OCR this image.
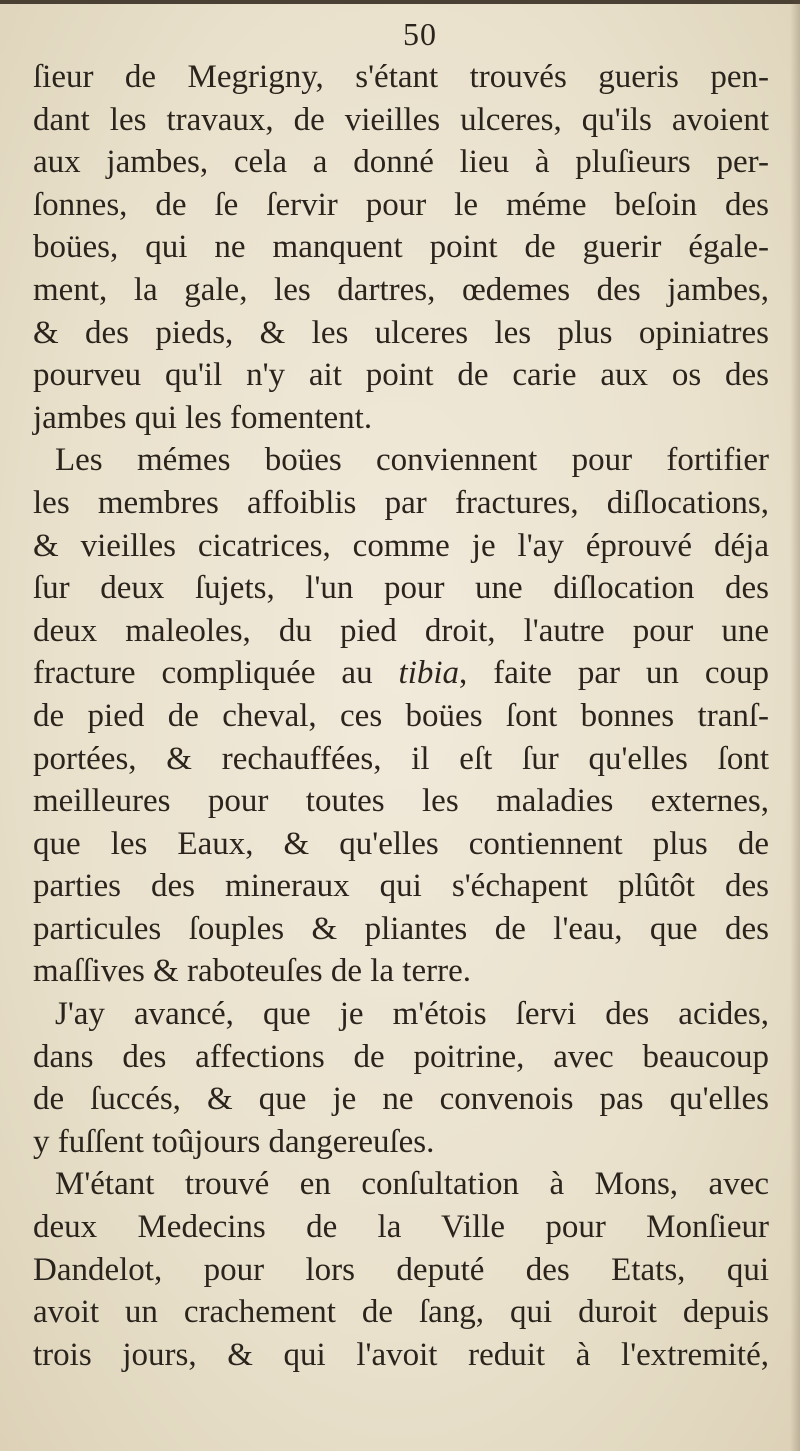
50
ſieur de Megrigny, s'étant trouvés gueris pen-
dant les travaux, de vieilles ulceres, qu'ils avoient
aux jambes, cela a donné lieu à pluſieurs per-
ſonnes, de ſe ſervir pour le méme beſoin des
boües, qui ne manquent point de guerir égale-
ment, la gale, les dartres, œdemes des jambes,
& des pieds, & les ulceres les plus opiniatres
pourveu qu'il n'y ait point de carie aux os des
jambes qui les fomentent.
Les mémes boües conviennent pour fortifier
les membres affoiblis par fractures, diſlocations,
& vieilles cicatrices, comme je l'ay éprouvé déja
ſur deux ſujets, l'un pour une diſlocation des
deux maleoles, du pied droit, l'autre pour une
fracture compliquée au tibia, faite par un coup
de pied de cheval, ces boües ſont bonnes tranſ-
portées, & rechauffées, il eſt ſur qu'elles ſont
meilleures pour toutes les maladies externes,
que les Eaux, & qu'elles contiennent plus de
parties des mineraux qui s'échapent plûtôt des
particules ſouples & pliantes de l'eau, que des
maſſives & raboteuſes de la terre.
J'ay avancé, que je m'étois ſervi des acides,
dans des affections de poitrine, avec beaucoup
de ſuccés, & que je ne convenois pas qu'elles
y fuſſent toûjours dangereuſes.
M'étant trouvé en conſultation à Mons, avec
deux Medecins de la Ville pour Monſieur
Dandelot, pour lors deputé des Etats, qui
avoit un crachement de ſang, qui duroit depuis
trois jours, & qui l'avoit reduit à l'extremité,
